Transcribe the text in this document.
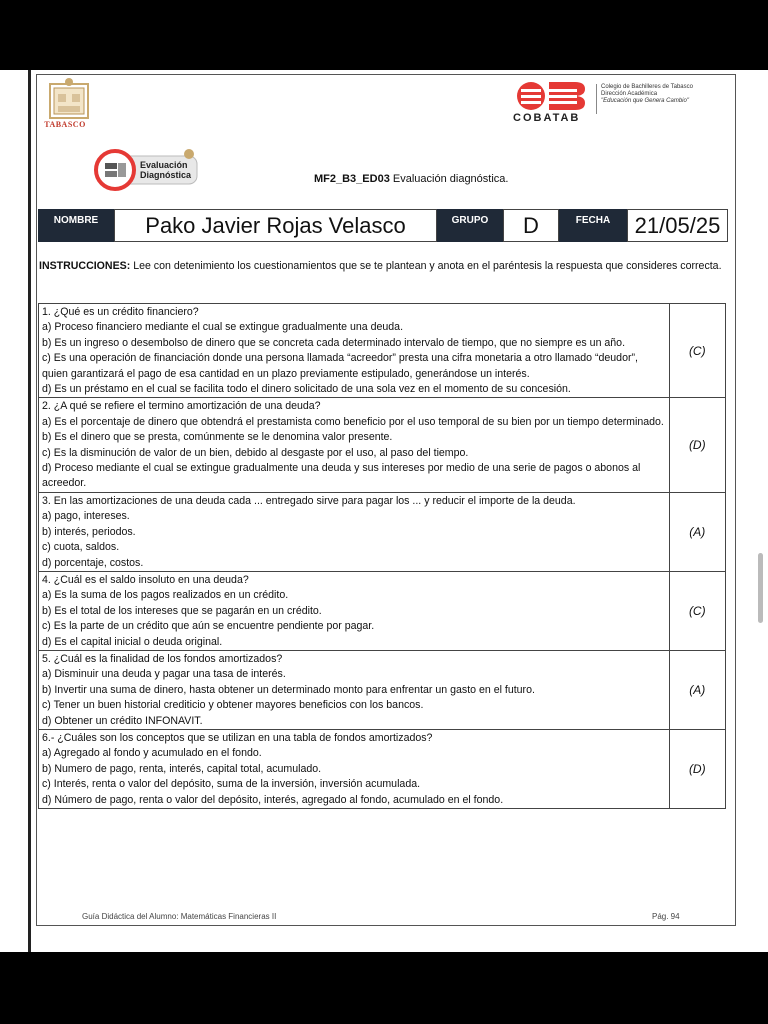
TABASCO
COBATAB
Colegio de Bachilleres de Tabasco
Dirección Académica
"Educación que Genera Cambio"
Evaluación
Diagnóstica	MF2_B3_ED03 Evaluación diagnóstica.
NOMBRE	Pako Javier Rojas Velasco	GRUPO	D	FECHA	21/05/25
INSTRUCCIONES: Lee con detenimiento los cuestionamientos que se te plantean y anota en el paréntesis la respuesta que consideres correcta.

1. ¿Qué es un crédito financiero?

a) Proceso financiero mediante el cual se extingue gradualmente una deuda.

b) Es un ingreso o desembolso de dinero que se concreta cada determinado intervalo de tiempo, que no siempre es un año.

c) Es una operación de financiación donde una persona llamada “acreedor” presta una cifra monetaria a otro llamado “deudor”, quien garantizará el pago de esa cantidad en un plazo previamente estipulado, generándose un interés.

d) Es un préstamo en el cual se facilita todo el dinero solicitado de una sola vez en el momento de su concesión.	(C)

2. ¿A qué se refiere el termino amortización de una deuda?

a) Es el porcentaje de dinero que obtendrá el prestamista como beneficio por el uso temporal de su bien por un tiempo determinado.

b) Es el dinero que se presta, comúnmente se le denomina valor presente.

c) Es la disminución de valor de un bien, debido al desgaste por el uso, al paso del tiempo.

d) Proceso mediante el cual se extingue gradualmente una deuda y sus intereses por medio de una serie de pagos o abonos al acreedor.	(D)

3. En las amortizaciones de una deuda cada ... entregado sirve para pagar los ... y reducir el importe de la deuda.

a) pago, intereses.

b) interés, periodos.

c) cuota, saldos.

d) porcentaje, costos.	(A)

4. ¿Cuál es el saldo insoluto en una deuda?

a) Es la suma de los pagos realizados en un crédito.

b) Es el total de los intereses que se pagarán en un crédito.

c) Es la parte de un crédito que aún se encuentre pendiente por pagar.

d) Es el capital inicial o deuda original.	(C)

5. ¿Cuál es la finalidad de los fondos amortizados?

a) Disminuir una deuda y pagar una tasa de interés.

b) Invertir una suma de dinero, hasta obtener un determinado monto para enfrentar un gasto en el futuro.

c) Tener un buen historial crediticio y obtener mayores beneficios con los bancos.

d) Obtener un crédito INFONAVIT.	(A)

6.- ¿Cuáles son los conceptos que se utilizan en una tabla de fondos amortizados?

a) Agregado al fondo y acumulado en el fondo.

b) Numero de pago, renta, interés, capital total, acumulado.

c) Interés, renta o valor del depósito, suma de la inversión, inversión acumulada.

d) Número de pago, renta o valor del depósito, interés, agregado al fondo, acumulado en el fondo.	(D)
Guía Didáctica del Alumno: Matemáticas Financieras II	Pág. 94
